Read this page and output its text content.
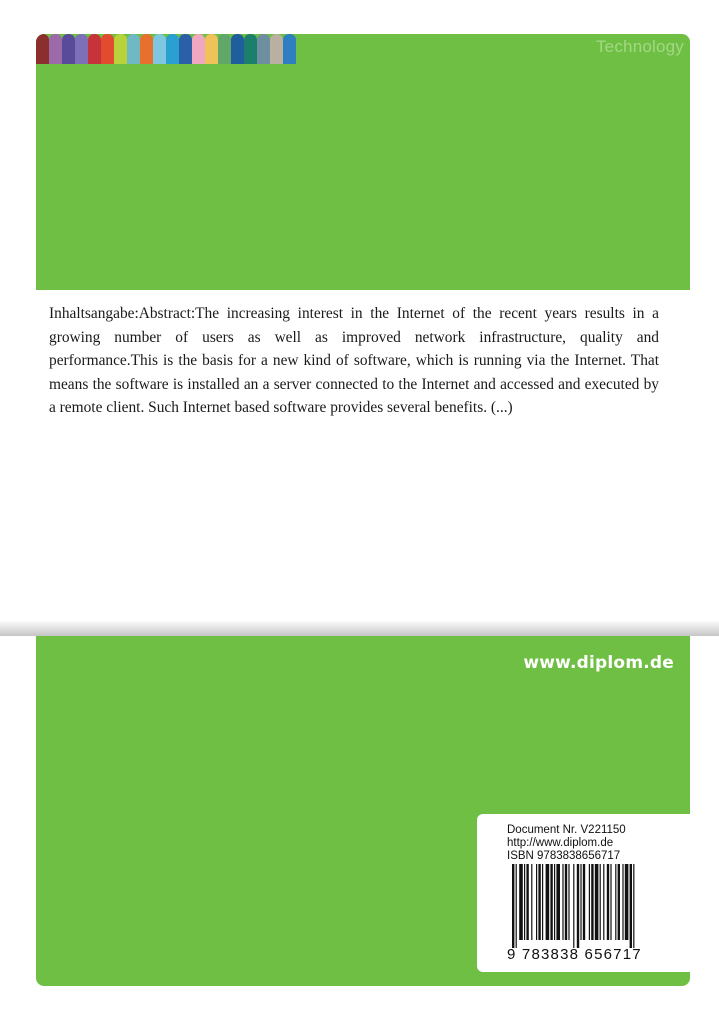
Technology

Inhaltsangabe:Abstract:The increasing interest in the Internet of the recent years results in a growing number of users as well as improved network infrastructure, quality and performance.This is the basis for a new kind of software, which is running via the Internet. That means the software is installed an a server connected to the Internet and accessed and executed by a remote client. Such Internet based software provides several benefits. (...)

www.diplom.de
Document Nr. V221150
http://www.diplom.de
ISBN 9783838656717
9 783838 656717
